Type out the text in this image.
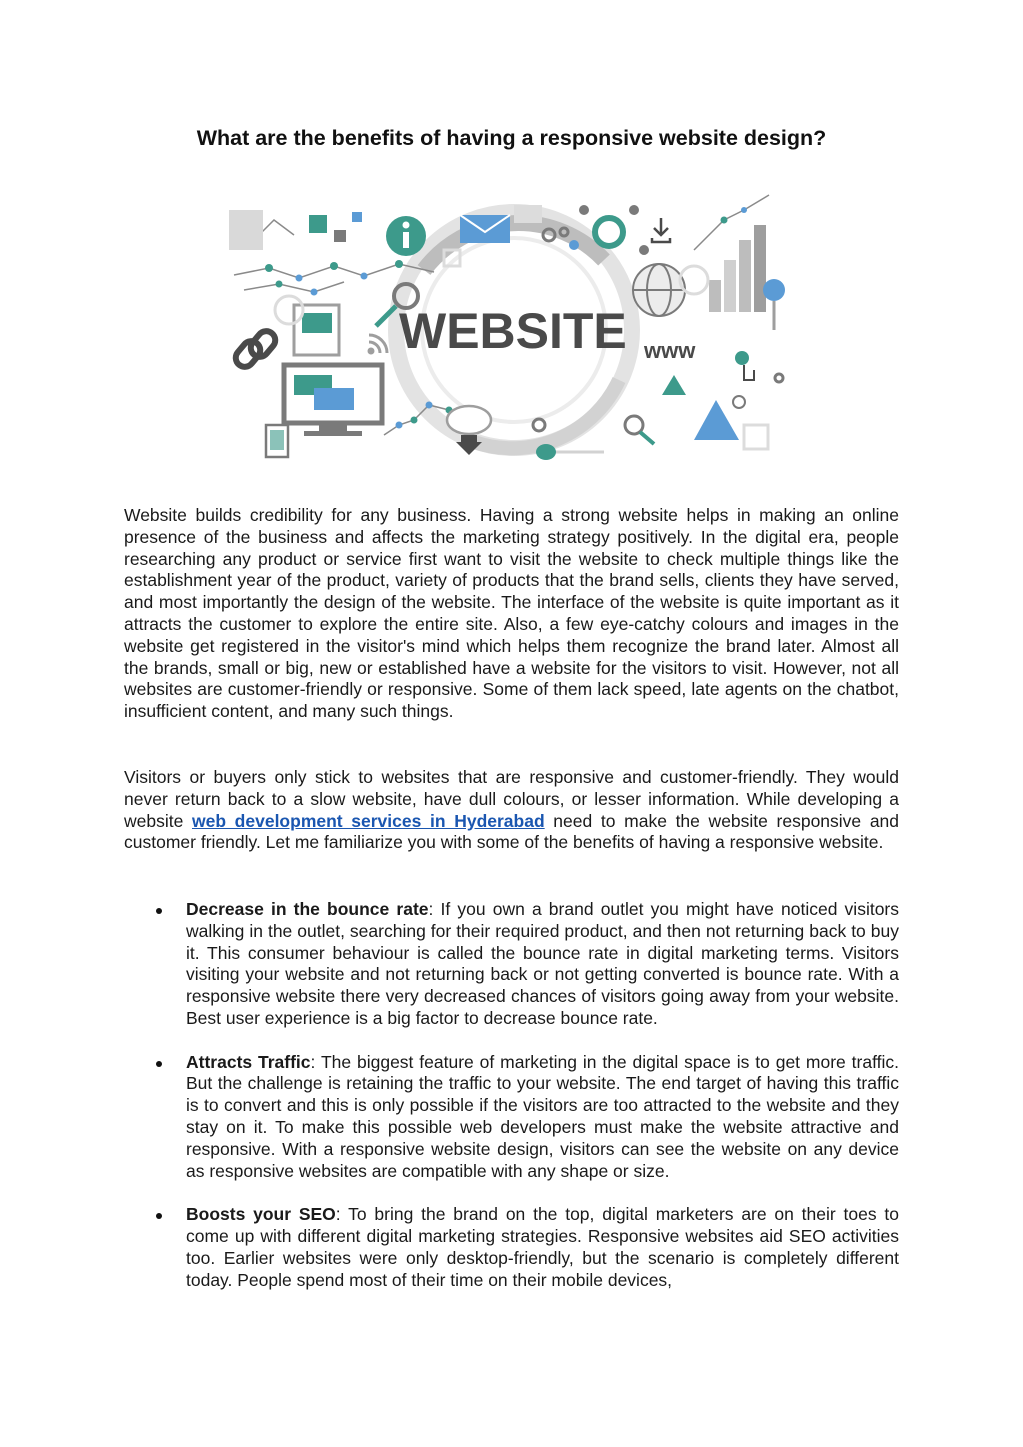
What are the benefits of having a responsive website design?
WEBSITE www
Website builds credibility for any business. Having a strong website helps in making an online presence of the business and affects the marketing strategy positively. In the digital era, people researching any product or service first want to visit the website to check multiple things like the establishment year of the product, variety of products that the brand sells, clients they have served, and most importantly the design of the website. The interface of the website is quite important as it attracts the customer to explore the entire site. Also, a few eye-catchy colours and images in the website get registered in the visitor's mind which helps them recognize the brand later. Almost all the brands, small or big, new or established have a website for the visitors to visit. However, not all websites are customer-friendly or responsive. Some of them lack speed, late agents on the chatbot, insufficient content, and many such things.
Visitors or buyers only stick to websites that are responsive and customer-friendly. They would never return back to a slow website, have dull colours, or lesser information. While developing a website web development services in Hyderabad need to make the website responsive and customer friendly. Let me familiarize you with some of the benefits of having a responsive website.
Decrease in the bounce rate: If you own a brand outlet you might have noticed visitors walking in the outlet, searching for their required product, and then not returning back to buy it. This consumer behaviour is called the bounce rate in digital marketing terms. Visitors visiting your website and not returning back or not getting converted is bounce rate. With a responsive website there very decreased chances of visitors going away from your website. Best user experience is a big factor to decrease bounce rate.
Attracts Traffic: The biggest feature of marketing in the digital space is to get more traffic. But the challenge is retaining the traffic to your website. The end target of having this traffic is to convert and this is only possible if the visitors are too attracted to the website and they stay on it. To make this possible web developers must make the website attractive and responsive. With a responsive website design, visitors can see the website on any device as responsive websites are compatible with any shape or size.
Boosts your SEO: To bring the brand on the top, digital marketers are on their toes to come up with different digital marketing strategies. Responsive websites aid SEO activities too. Earlier websites were only desktop-friendly, but the scenario is completely different today. People spend most of their time on their mobile devices,
